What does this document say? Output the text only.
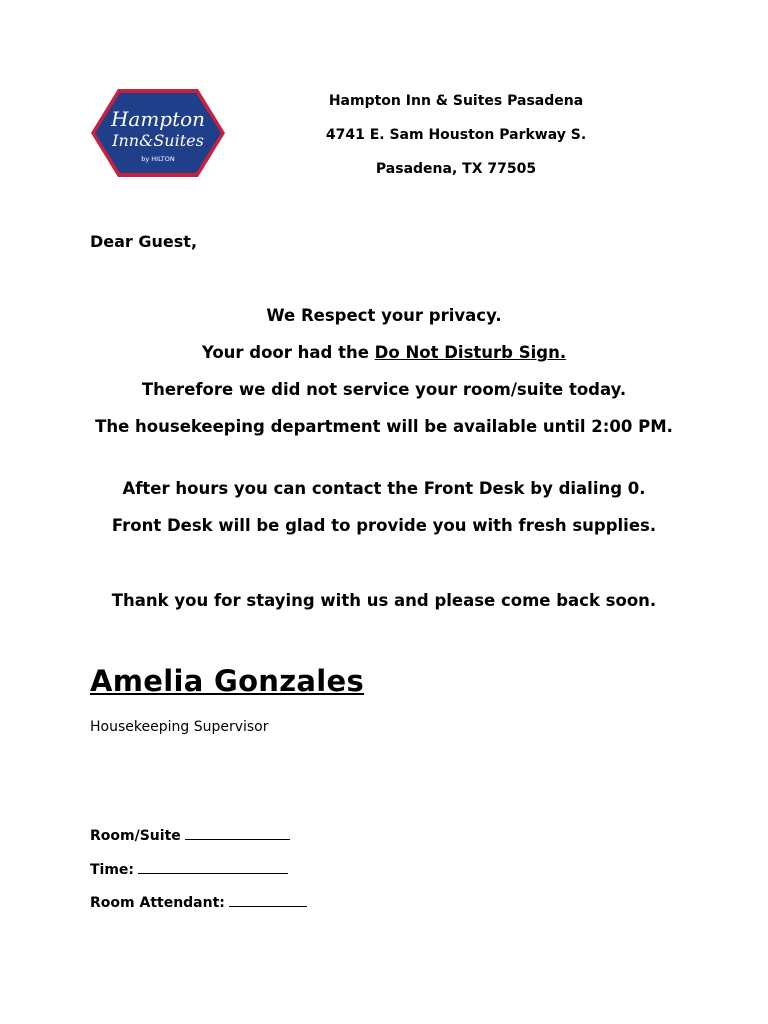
Hampton
Inn&Suites
by HILTON
Hampton Inn & Suites Pasadena
4741 E. Sam Houston Parkway S.
Pasadena, TX 77505
Dear Guest,
We Respect your privacy.
Your door had the Do Not Disturb Sign.
Therefore we did not service your room/suite today.
The housekeeping department will be available until 2:00 PM.
After hours you can contact the Front Desk by dialing 0.
Front Desk will be glad to provide you with fresh supplies.
Thank you for staying with us and please come back soon.
Amelia Gonzales
Housekeeping Supervisor
Room/Suite
Time:
Room Attendant:
